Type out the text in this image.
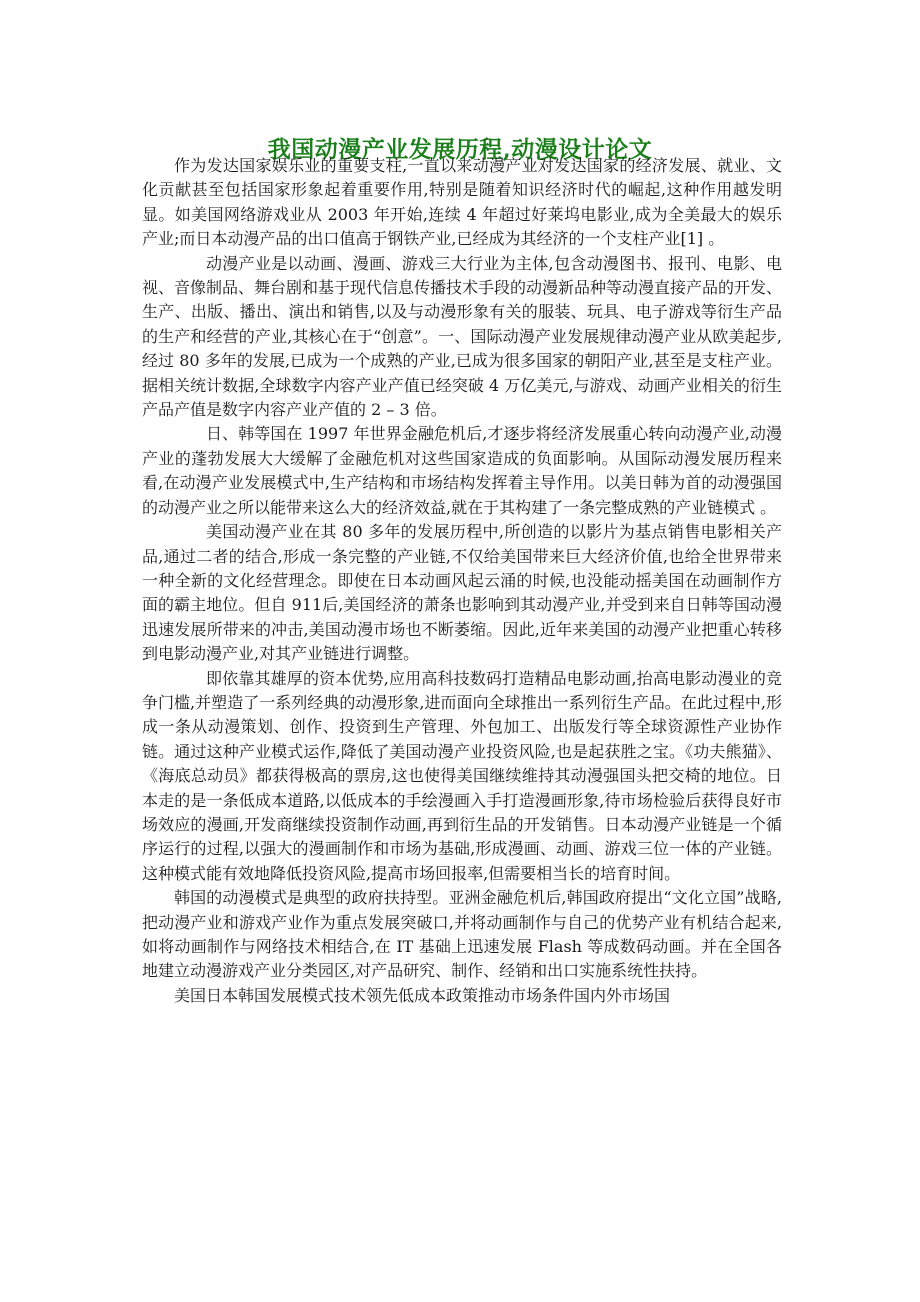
我国动漫产业发展历程,动漫设计论文

作为发达国家娱乐业的重要支柱,一直以来动漫产业对发达国家的经济发展、就业、文化贡献甚至包括国家形象起着重要作用,特别是随着知识经济时代的崛起,这种作用越发明显。如美国网络游戏业从 2003 年开始,连续 4 年超过好莱坞电影业,成为全美最大的娱乐产业;而日本动漫产品的出口值高于钢铁产业,已经成为其经济的一个支柱产业[1] 。

动漫产业是以动画、漫画、游戏三大行业为主体,包含动漫图书、报刊、电影、电视、音像制品、舞台剧和基于现代信息传播技术手段的动漫新品种等动漫直接产品的开发、生产、出版、播出、演出和销售,以及与动漫形象有关的服装、玩具、电子游戏等衍生产品的生产和经营的产业,其核心在于“创意”。一、国际动漫产业发展规律动漫产业从欧美起步,经过 80 多年的发展,已成为一个成熟的产业,已成为很多国家的朝阳产业,甚至是支柱产业。据相关统计数据,全球数字内容产业产值已经突破 4 万亿美元,与游戏、动画产业相关的衍生产品产值是数字内容产业产值的 2 – 3 倍。

日、韩等国在 1997 年世界金融危机后,才逐步将经济发展重心转向动漫产业,动漫产业的蓬勃发展大大缓解了金融危机对这些国家造成的负面影响。从国际动漫发展历程来看,在动漫产业发展模式中,生产结构和市场结构发挥着主导作用。以美日韩为首的动漫强国的动漫产业之所以能带来这么大的经济效益,就在于其构建了一条完整成熟的产业链模式 。

美国动漫产业在其 80 多年的发展历程中,所创造的以影片为基点销售电影相关产品,通过二者的结合,形成一条完整的产业链,不仅给美国带来巨大经济价值,也给全世界带来一种全新的文化经营理念。即使在日本动画风起云涌的时候,也没能动摇美国在动画制作方面的霸主地位。但自 911后,美国经济的萧条也影响到其动漫产业,并受到来自日韩等国动漫迅速发展所带来的冲击,美国动漫市场也不断萎缩。因此,近年来美国的动漫产业把重心转移到电影动漫产业,对其产业链进行调整。

即依靠其雄厚的资本优势,应用高科技数码打造精品电影动画,抬高电影动漫业的竞争门槛,并塑造了一系列经典的动漫形象,进而面向全球推出一系列衍生产品。在此过程中,形成一条从动漫策划、创作、投资到生产管理、外包加工、出版发行等全球资源性产业协作链。通过这种产业模式运作,降低了美国动漫产业投资风险,也是起获胜之宝。《功夫熊猫》、《海底总动员》都获得极高的票房,这也使得美国继续维持其动漫强国头把交椅的地位。日本走的是一条低成本道路,以低成本的手绘漫画入手打造漫画形象,待市场检验后获得良好市场效应的漫画,开发商继续投资制作动画,再到衍生品的开发销售。日本动漫产业链是一个循序运行的过程,以强大的漫画制作和市场为基础,形成漫画、动画、游戏三位一体的产业链。这种模式能有效地降低投资风险,提高市场回报率,但需要相当长的培育时间。

韩国的动漫模式是典型的政府扶持型。亚洲金融危机后,韩国政府提出“文化立国”战略,把动漫产业和游戏产业作为重点发展突破口,并将动画制作与自己的优势产业有机结合起来,如将动画制作与网络技术相结合,在 IT 基础上迅速发展 Flash 等成数码动画。并在全国各地建立动漫游戏产业分类园区,对产品研究、制作、经销和出口实施系统性扶持。

美国日本韩国发展模式技术领先低成本政策推动市场条件国内外市场国
